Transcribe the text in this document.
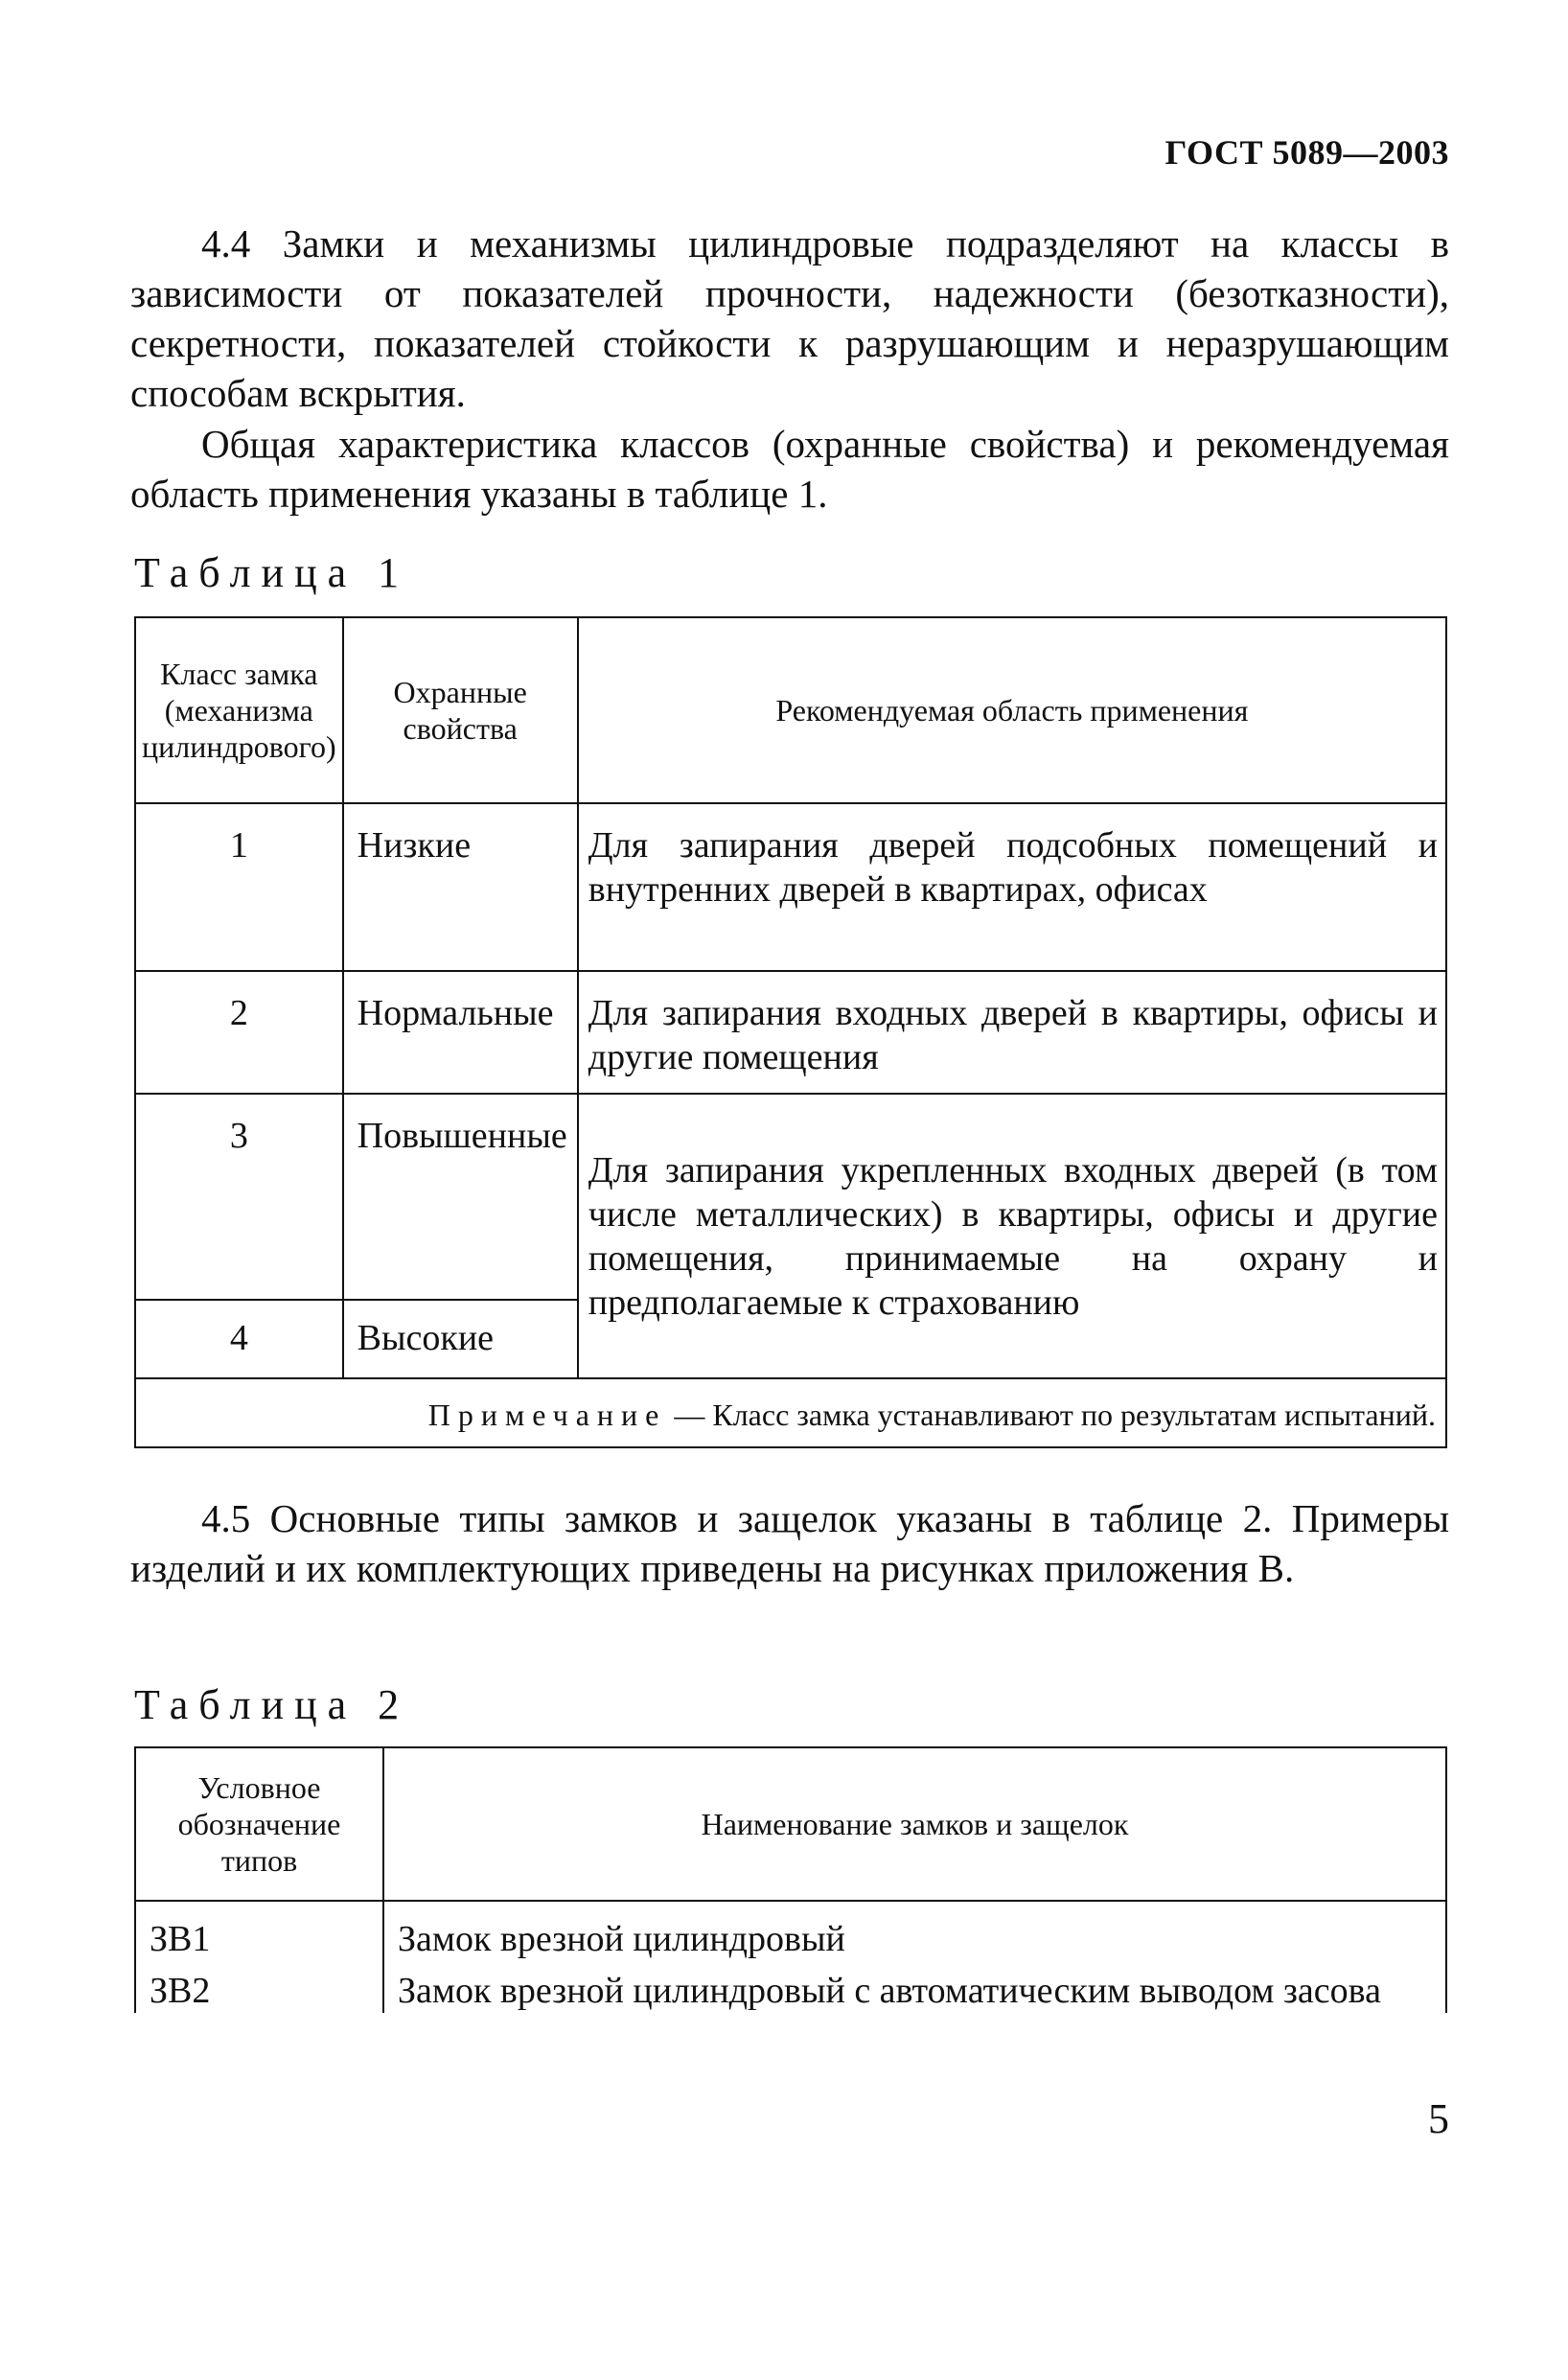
ГОСТ 5089—2003

4.4 Замки и механизмы цилиндровые подразделяют на классы в зависимости от показателей прочности, надежности (безотказности), секретности, показателей стойкости к разрушающим и неразрушающим способам вскрытия.

Общая характеристика классов (охранные свойства) и рекомендуемая область применения указаны в таблице 1.

Таблица 1
Класс замка (механизма цилиндрового)	Охранные свойства	Рекомендуемая область применения
1	Низкие	Для запирания дверей подсобных помещений и внутренних дверей в квартирах, офисах
2	Нормальные	Для запирания входных дверей в квартиры, офисы и другие помещения
3	Повышенные	Для запирания укрепленных входных дверей (в том числе металлических) в квартиры, офисы и другие помещения, принимаемые на охрану и предполагаемые к страхованию
4	Высокие	
Примечание — Класс замка устанавливают по результатам испытаний.		

4.5 Основные типы замков и защелок указаны в таблице 2. Примеры изделий и их комплектующих приведены на рисунках приложения В.

Таблица 2
Условное обозначение типов	Наименование замков и защелок
ЗВ1	Замок врезной цилиндровый
ЗВ2	Замок врезной цилиндровый с автоматическим выводом засова
5
